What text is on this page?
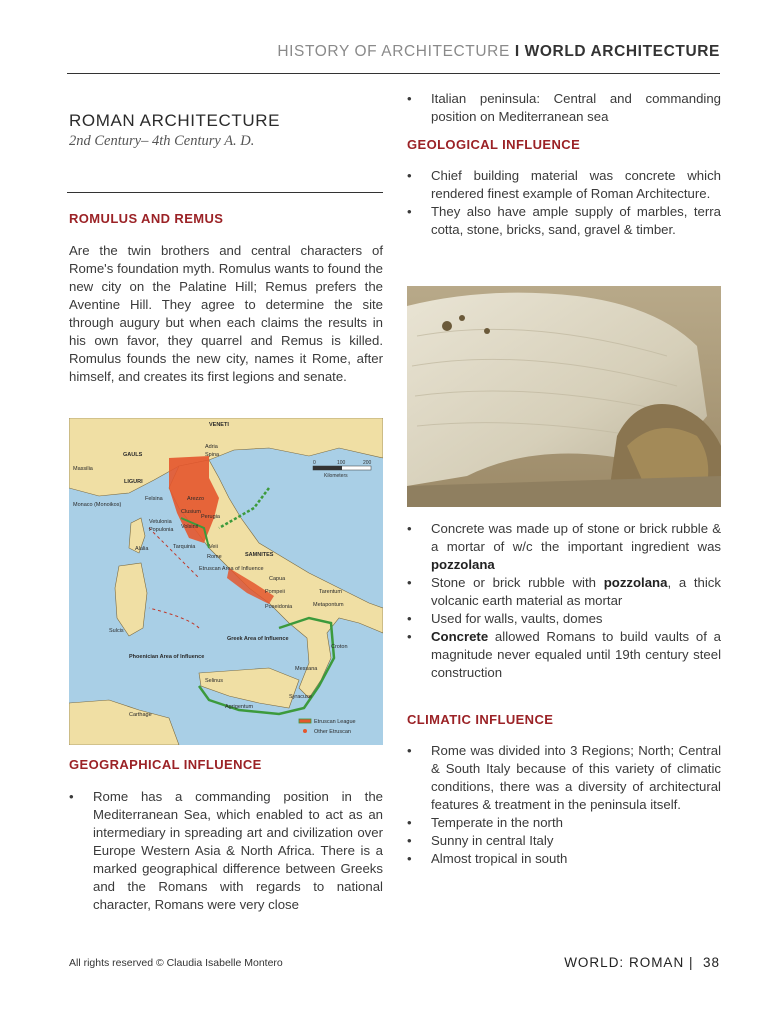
HISTORY OF ARCHITECTURE I WORLD ARCHITECTURE
ROMAN ARCHITECTURE
2nd Century– 4th Century A. D.
ROMULUS AND REMUS

Are the twin brothers and central characters of Rome's foundation myth. Romulus wants to found the new city on the Palatine Hill; Remus prefers the Aventine Hill. They agree to determine the site through augury but when each claims the results in his own favor, they quarrel and Remus is killed. Romulus founds the new city, names it Rome, after himself, and creates its first legions and senate.

0	100	200
Kilometers
VENETI
GAULS
LIGURI
Adria
Spina
Felsina	Arezzo
Clusium
Perugia
Volsinii
Vetulonia
Populonia
Tarquinia Veii
Rome
Alalia
Etruscan Area of Influence
Capua
Pompeii
Poseidonia
Tarentum
Metapontum
SAMNITES
Greek Area of Influence
Phoenician Area of Influence
Carthage
Syracuse
Messana
Croton
Selinus
Agrigentum
Sulcis
Massilia
Monaco (Monoikos)
Etruscan League
Other Etruscan
GEOGRAPHICAL INFLUENCE
• Rome has a commanding position in the Mediterranean Sea, which enabled to act as an intermediary in spreading art and civilization over Europe Western Asia & North Africa. There is a marked geographical difference between Greeks and the Romans with regards to national character, Romans were very close
• Italian peninsula: Central and commanding position on Mediterranean sea
GEOLOGICAL INFLUENCE
• Chief building material was concrete which rendered finest example of Roman Architecture.
• They also have ample supply of marbles, terra cotta, stone, bricks, sand, gravel & timber.
• Concrete was made up of stone or brick rubble & a mortar of w/c the important ingredient was pozzolana
• Stone or brick rubble with pozzolana, a thick volcanic earth material as mortar
• Used for walls, vaults, domes
• Concrete allowed Romans to build vaults of a magnitude never equaled until 19th century steel construction
CLIMATIC INFLUENCE
• Rome was divided into 3 Regions; North; Central & South Italy because of this variety of climatic conditions, there was a diversity of architectural features & treatment in the peninsula itself.
• Temperate in the north
• Sunny in central Italy
• Almost tropical in south
All rights reserved © Claudia Isabelle Montero	WORLD: ROMAN | 38
